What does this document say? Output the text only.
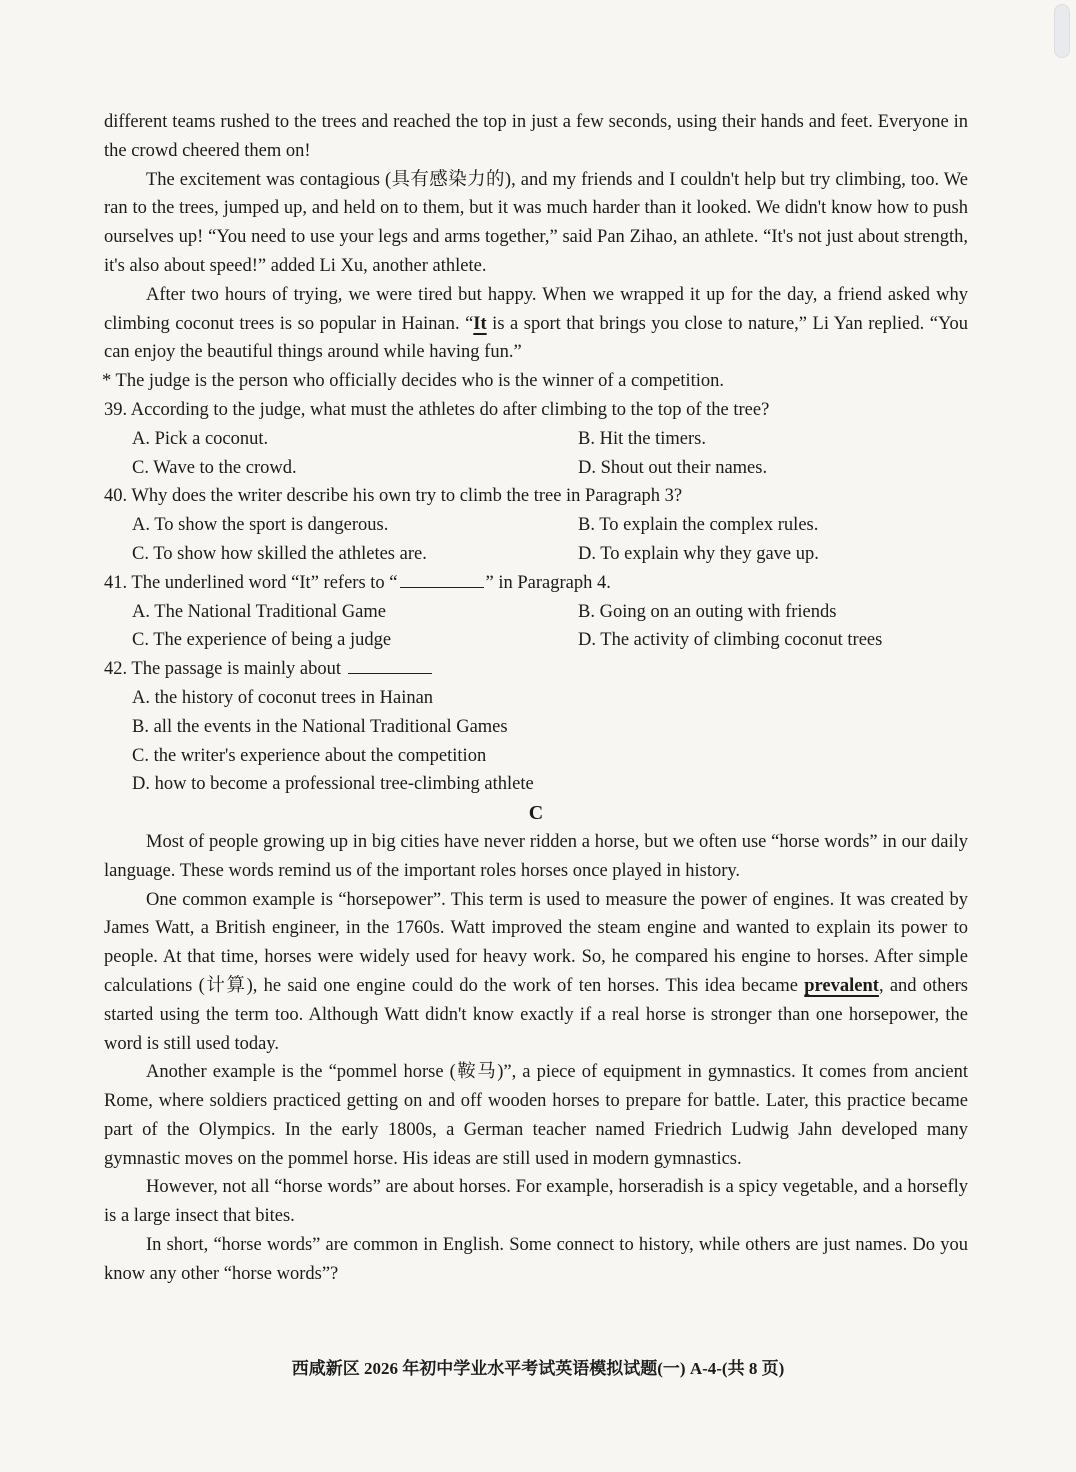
different teams rushed to the trees and reached the top in just a few seconds, using their hands and feet. Everyone in the crowd cheered them on!

The excitement was contagious (具有感染力的), and my friends and I couldn't help but try climbing, too. We ran to the trees, jumped up, and held on to them, but it was much harder than it looked. We didn't know how to push ourselves up! “You need to use your legs and arms together,” said Pan Zihao, an athlete. “It's not just about strength, it's also about speed!” added Li Xu, another athlete.

After two hours of trying, we were tired but happy. When we wrapped it up for the day, a friend asked why climbing coconut trees is so popular in Hainan. “It is a sport that brings you close to nature,” Li Yan replied. “You can enjoy the beautiful things around while having fun.”

* The judge is the person who officially decides who is the winner of a competition.

39. According to the judge, what must the athletes do after climbing to the top of the tree?

A. Pick a coconut.	B. Hit the timers.
C. Wave to the crowd.	D. Shout out their names.

40. Why does the writer describe his own try to climb the tree in Paragraph 3?

A. To show the sport is dangerous.	B. To explain the complex rules.
C. To show how skilled the athletes are.	D. To explain why they gave up.

41. The underlined word “It” refers to “	” in Paragraph 4.

A. The National Traditional Game	B. Going on an outing with friends
C. The experience of being a judge	D. The activity of climbing coconut trees

42. The passage is mainly about

A. the history of coconut trees in Hainan
B. all the events in the National Traditional Games
C. the writer's experience about the competition
D. how to become a professional tree-climbing athlete

C

Most of people growing up in big cities have never ridden a horse, but we often use “horse words” in our daily language. These words remind us of the important roles horses once played in history.

One common example is “horsepower”. This term is used to measure the power of engines. It was created by James Watt, a British engineer, in the 1760s. Watt improved the steam engine and wanted to explain its power to people. At that time, horses were widely used for heavy work. So, he compared his engine to horses. After simple calculations (计算), he said one engine could do the work of ten horses. This idea became prevalent, and others started using the term too. Although Watt didn't know exactly if a real horse is stronger than one horsepower, the word is still used today.

Another example is the “pommel horse (鞍马)”, a piece of equipment in gymnastics. It comes from ancient Rome, where soldiers practiced getting on and off wooden horses to prepare for battle. Later, this practice became part of the Olympics. In the early 1800s, a German teacher named Friedrich Ludwig Jahn developed many gymnastic moves on the pommel horse. His ideas are still used in modern gymnastics.

However, not all “horse words” are about horses. For example, horseradish is a spicy vegetable, and a horsefly is a large insect that bites.

In short, “horse words” are common in English. Some connect to history, while others are just names. Do you know any other “horse words”?

西咸新区 2026 年初中学业水平考试英语模拟试题(一) A-4-(共 8 页)
